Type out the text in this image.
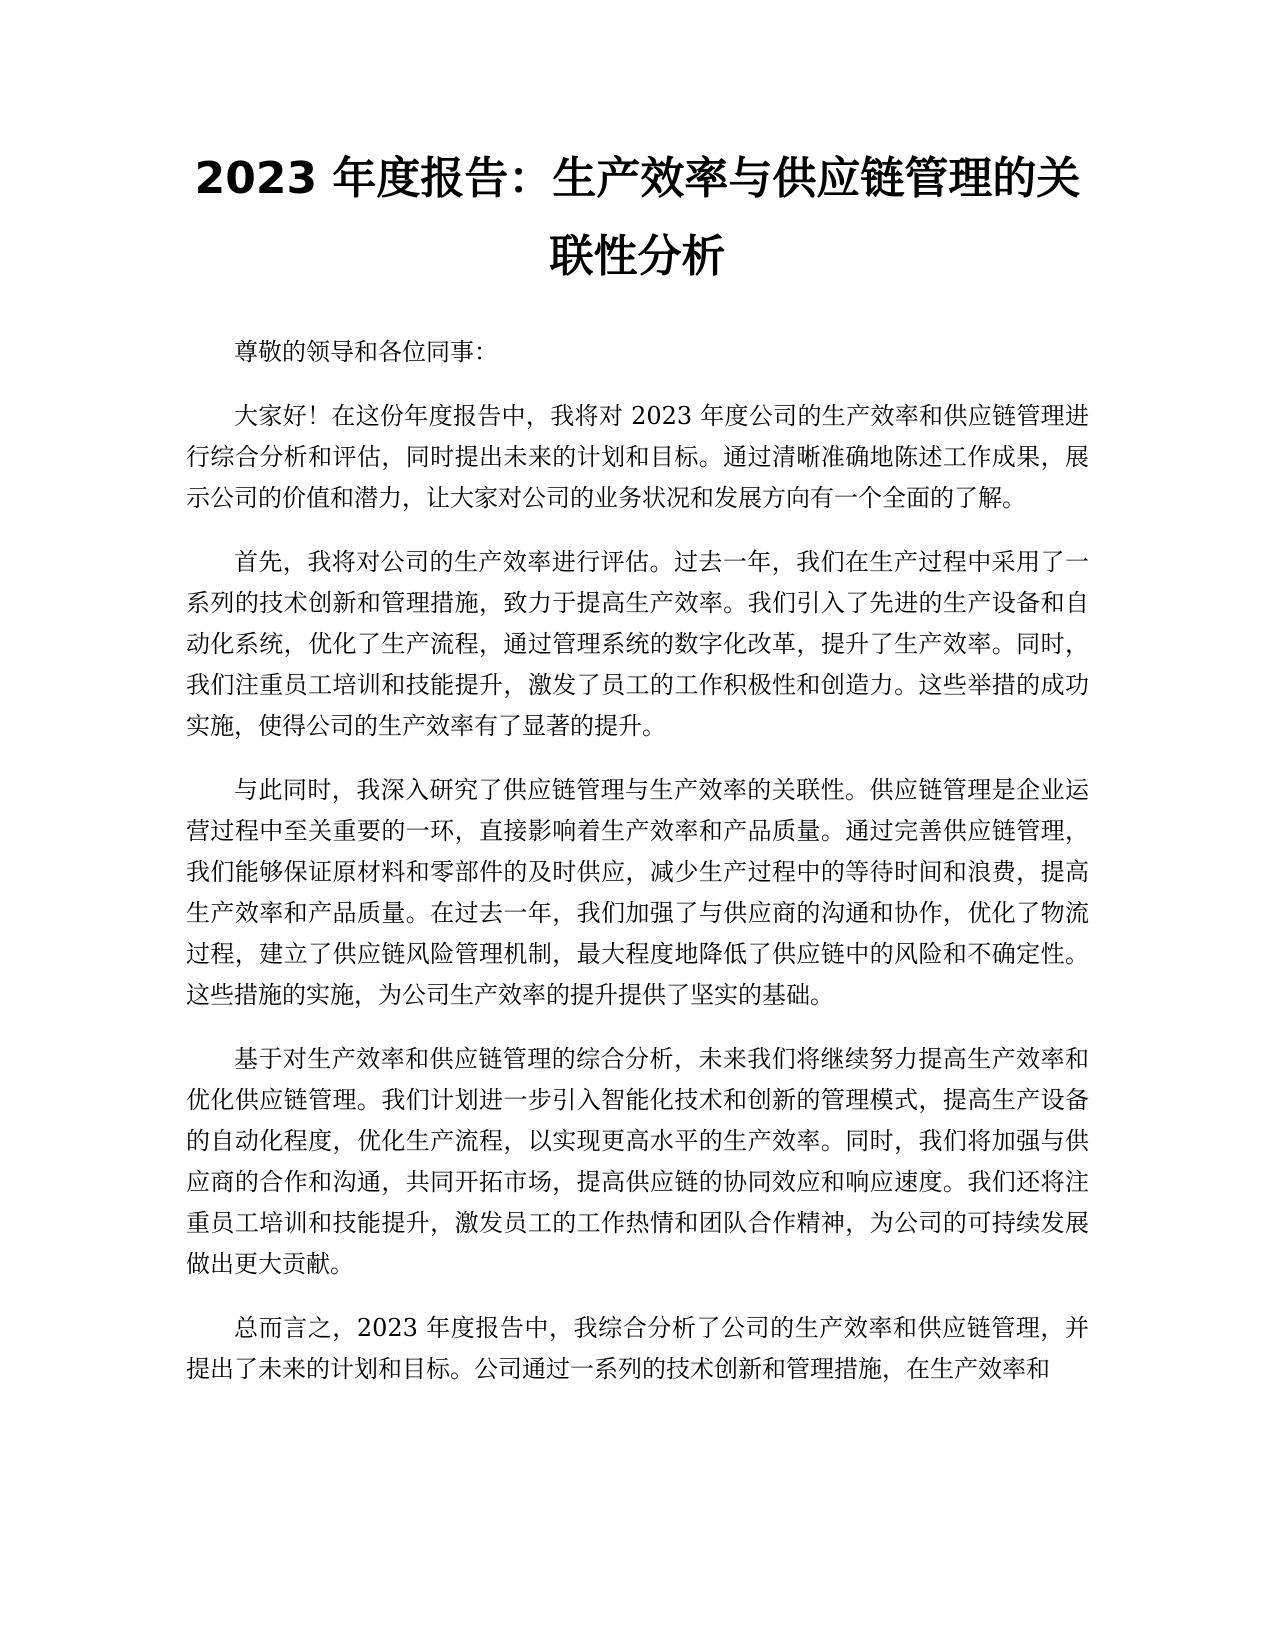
2023 年度报告：生产效率与供应链管理的关联性分析

尊敬的领导和各位同事：

大家好！在这份年度报告中，我将对 2023 年度公司的生产效率和供应链管理进行综合分析和评估，同时提出未来的计划和目标。通过清晰准确地陈述工作成果，展示公司的价值和潜力，让大家对公司的业务状况和发展方向有一个全面的了解。

首先，我将对公司的生产效率进行评估。过去一年，我们在生产过程中采用了一系列的技术创新和管理措施，致力于提高生产效率。我们引入了先进的生产设备和自动化系统，优化了生产流程，通过管理系统的数字化改革，提升了生产效率。同时，我们注重员工培训和技能提升，激发了员工的工作积极性和创造力。这些举措的成功实施，使得公司的生产效率有了显著的提升。

与此同时，我深入研究了供应链管理与生产效率的关联性。供应链管理是企业运营过程中至关重要的一环，直接影响着生产效率和产品质量。通过完善供应链管理，我们能够保证原材料和零部件的及时供应，减少生产过程中的等待时间和浪费，提高生产效率和产品质量。在过去一年，我们加强了与供应商的沟通和协作，优化了物流过程，建立了供应链风险管理机制，最大程度地降低了供应链中的风险和不确定性。这些措施的实施，为公司生产效率的提升提供了坚实的基础。

基于对生产效率和供应链管理的综合分析，未来我们将继续努力提高生产效率和优化供应链管理。我们计划进一步引入智能化技术和创新的管理模式，提高生产设备的自动化程度，优化生产流程，以实现更高水平的生产效率。同时，我们将加强与供应商的合作和沟通，共同开拓市场，提高供应链的协同效应和响应速度。我们还将注重员工培训和技能提升，激发员工的工作热情和团队合作精神，为公司的可持续发展做出更大贡献。

总而言之，2023 年度报告中，我综合分析了公司的生产效率和供应链管理，并提出了未来的计划和目标。公司通过一系列的技术创新和管理措施，在生产效率和
